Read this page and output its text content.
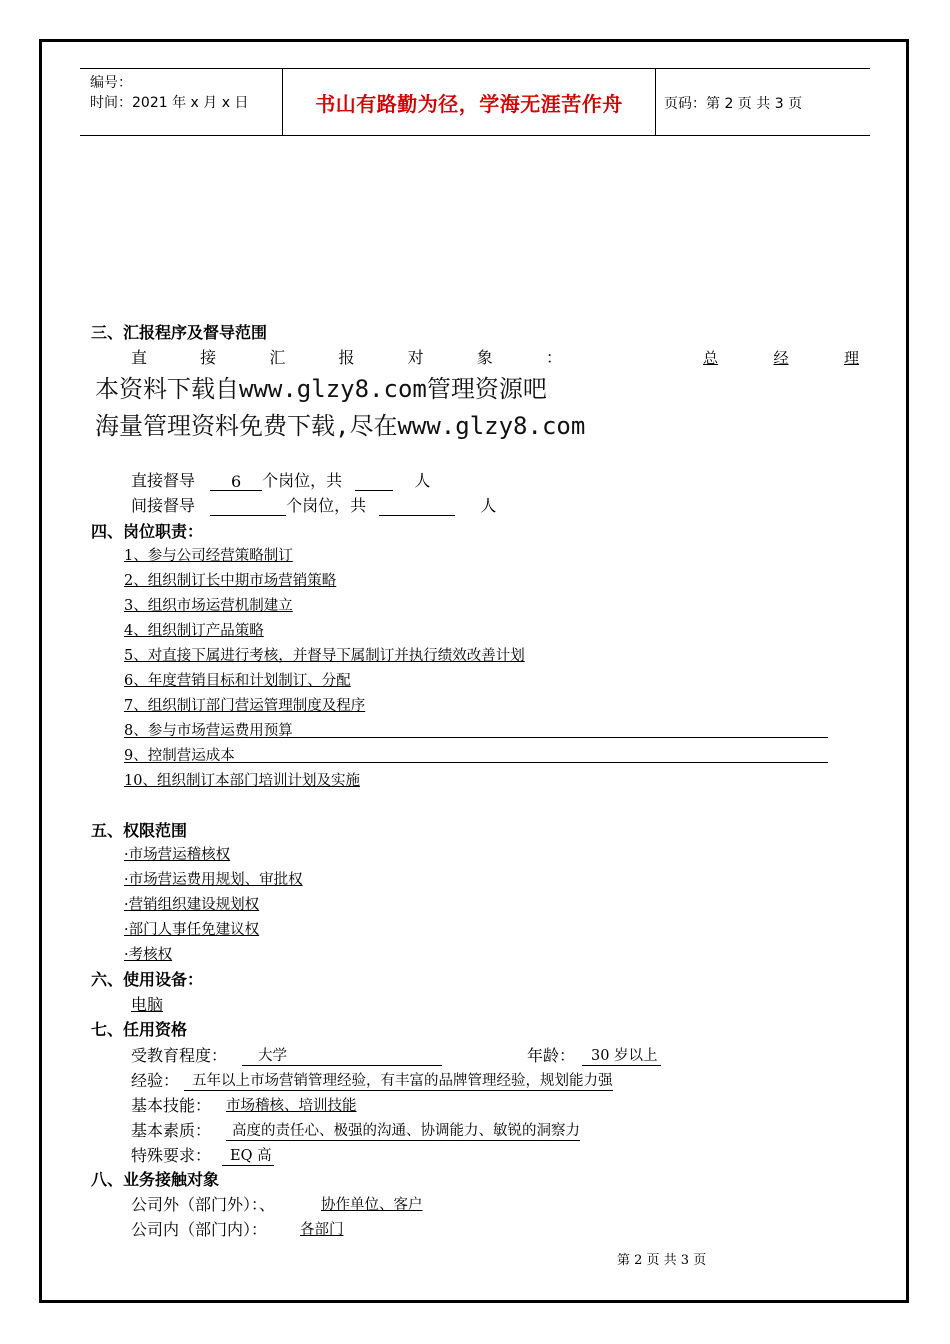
编号：
时间：2021 年 x 月 x 日	书山有路勤为径，学海无涯苦作舟	页码：第 2 页 共 3 页
三、汇报程序及督导范围
直	接	汇	报	对	象	：	总	经	理
本资料下载自www.glzy8.com管理资源吧
海量管理资料免费下载,尽在www.glzy8.com
直接督导 6 个岗位，共	人
间接督导	个岗位，共	人
四、岗位职责：
1、参与公司经营策略制订
2、组织制订长中期市场营销策略
3、组织市场运营机制建立
4、组织制订产品策略
5、对直接下属进行考核，并督导下属制订并执行绩效改善计划
6、年度营销目标和计划制订、分配
7、组织制订部门营运管理制度及程序
8、参与市场营运费用预算
9、控制营运成本
10、组织制订本部门培训计划及实施
五、权限范围
·市场营运稽核权
·市场营运费用规划、审批权
·营销组织建设规划权
·部门人事任免建议权
·考核权
六、使用设备：
电脑
七、任用资格
受教育程度：	大学	年龄：	30 岁以上
经验： 五年以上市场营销管理经验，有丰富的品牌管理经验，规划能力强
基本技能： 市场稽核、培训技能
基本素质：	高度的责任心、极强的沟通、协调能力、敏锐的洞察力
特殊要求：	EQ 高
八、业务接触对象
公司外（部门外）：、	协作单位、客户
公司内（部门内）： 各部门
第 2 页 共 3 页
